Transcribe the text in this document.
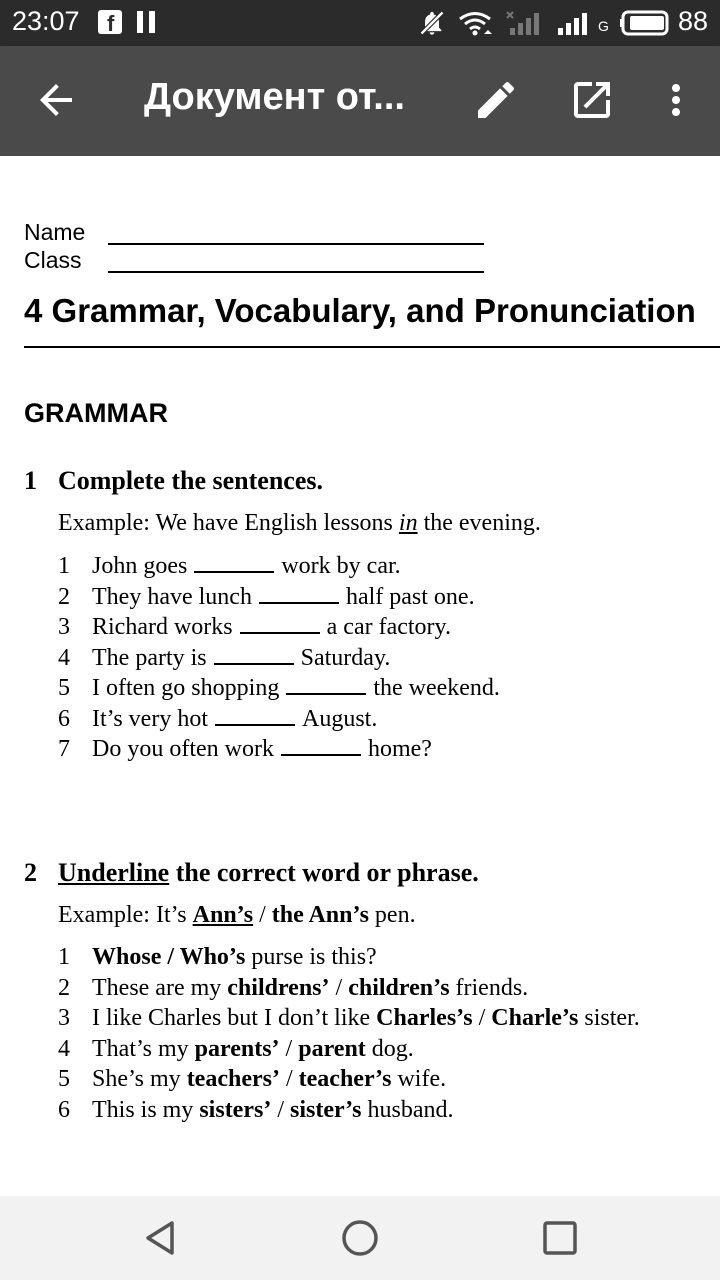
23:07 f	G	88
Документ от...
Name
Class
4 Grammar, Vocabulary, and Pronunciation
GRAMMAR
1 Complete the sentences.
Example: We have English lessons in the evening.
1 John goes	work by car.
2 They have lunch	half past one.
3 Richard works	a car factory.
4 The party is	Saturday.
5 I often go shopping	the weekend.
6 It’s very hot	August.
7 Do you often work	home?
2 Underline the correct word or phrase.
Example: It’s Ann’s / the Ann’s pen.
1 Whose / Who’s purse is this?
2 These are my childrens’ / children’s friends.
3 I like Charles but I don’t like Charles’s / Charle’s sister.
4 That’s my parents’ / parent dog.
5 She’s my teachers’ / teacher’s wife.
6 This is my sisters’ / sister’s husband.
